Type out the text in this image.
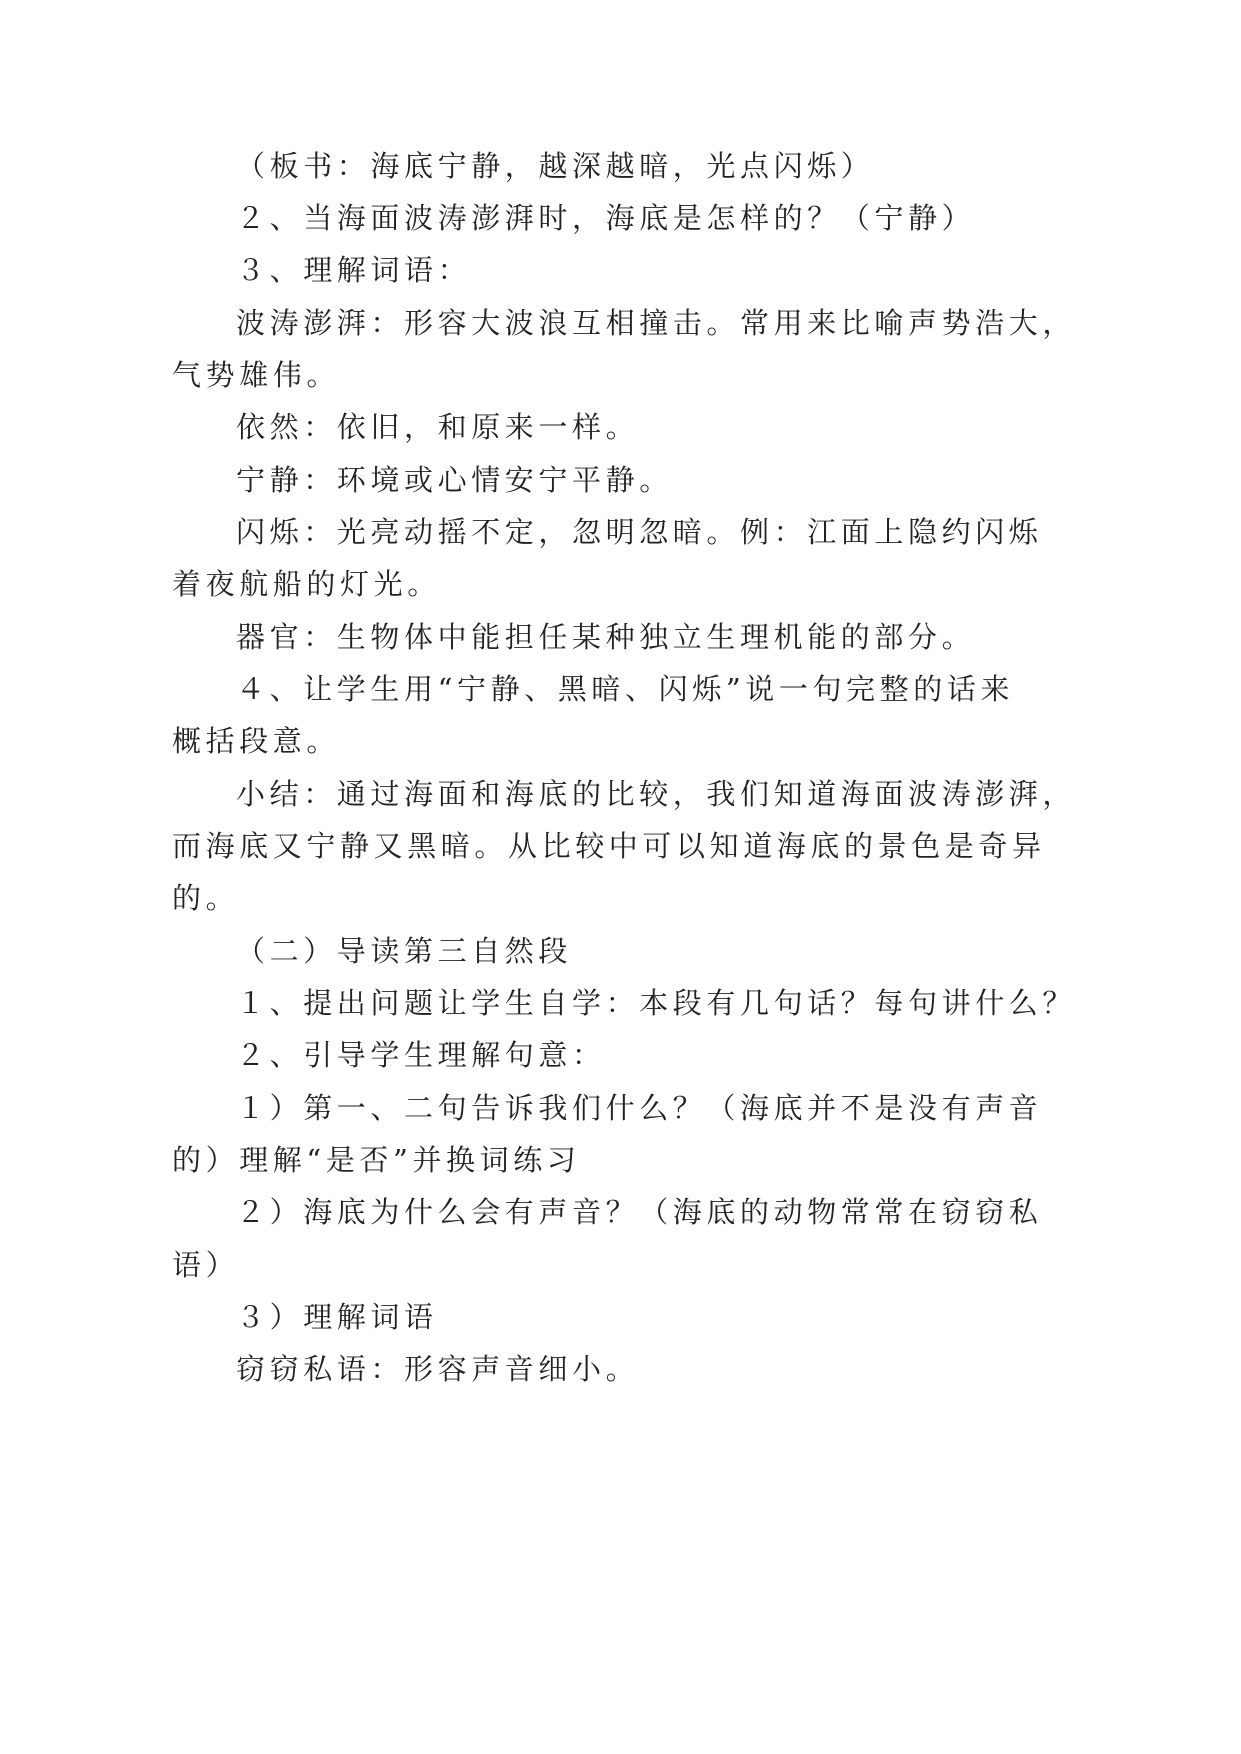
（板书：海底宁静，越深越暗，光点闪烁）
２、当海面波涛澎湃时，海底是怎样的？（宁静）
３、理解词语：
波涛澎湃：形容大波浪互相撞击。常用来比喻声势浩大，
气势雄伟。
依然：依旧，和原来一样。
宁静：环境或心情安宁平静。
闪烁：光亮动摇不定，忽明忽暗。例：江面上隐约闪烁
着夜航船的灯光。
器官：生物体中能担任某种独立生理机能的部分。
４、让学生用“宁静、黑暗、闪烁”说一句完整的话来
概括段意。
小结：通过海面和海底的比较，我们知道海面波涛澎湃，
而海底又宁静又黑暗。从比较中可以知道海底的景色是奇异
的。
（二）导读第三自然段
１、提出问题让学生自学：本段有几句话？每句讲什么？
２、引导学生理解句意：
１）第一、二句告诉我们什么？（海底并不是没有声音
的）理解“是否”并换词练习
２）海底为什么会有声音？（海底的动物常常在窃窃私
语）
３）理解词语
窃窃私语：形容声音细小。
